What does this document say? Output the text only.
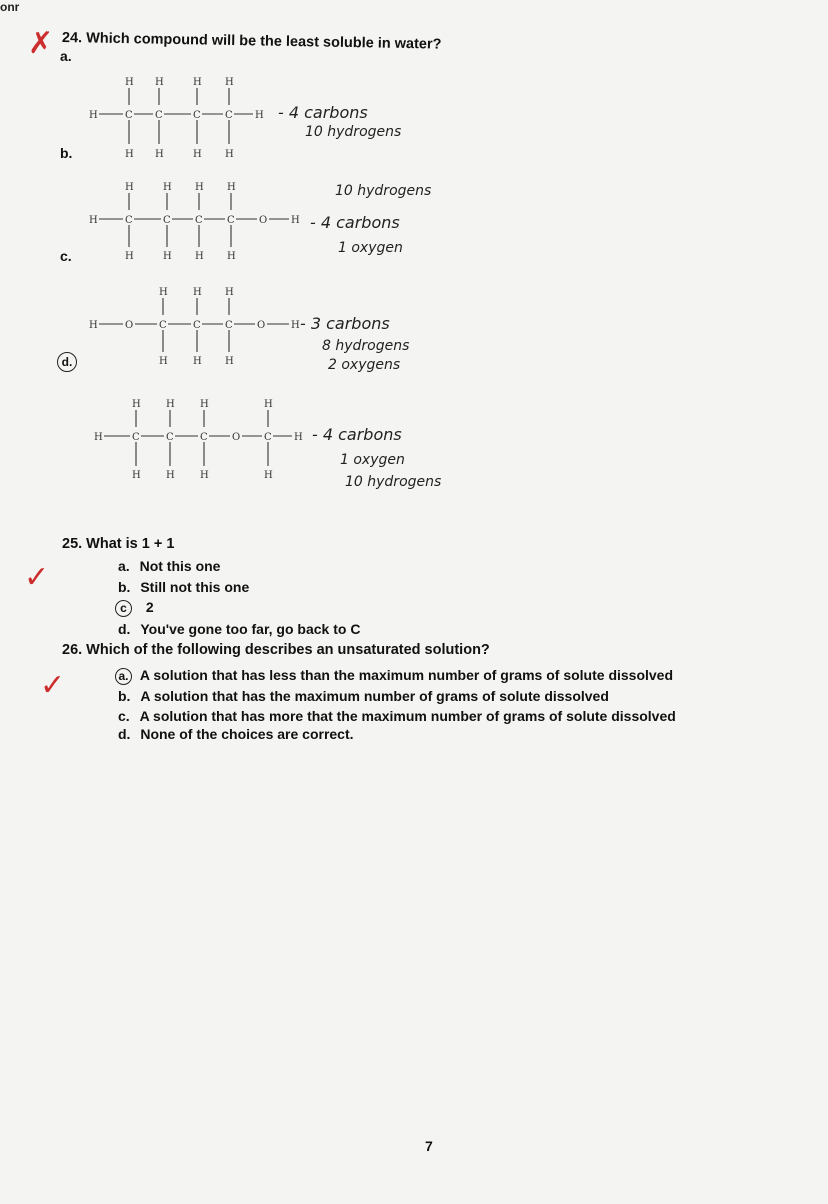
onr
✗ 24. Which compound will be the least soluble in water?
a.
b.
c.
d.
H
H H	H H
H H	H H
C C	C C H - 4 carbons
10 hydrogens
H
H	H H H
H	H H H
C	C C C O H
10 hydrogens
- 4 carbons
1 oxygen
H	O
H	H H
H	H H
C	C C O	H - 3 carbons
8 hydrogens
2 oxygens
H
H	H	H	H
H	H	H	H
C	C	C O C H - 4 carbons
1 oxygen
10 hydrogens
25. What is 1 + 1
✓	a. Not this one
b. Still not this one
c 2
d. You've gone too far, go back to C
26. Which of the following describes an unsaturated solution?
✓	a. A solution that has less than the maximum number of grams of solute dissolved
b. A solution that has the maximum number of grams of solute dissolved
c. A solution that has more that the maximum number of grams of solute dissolved
d. None of the choices are correct.
7
